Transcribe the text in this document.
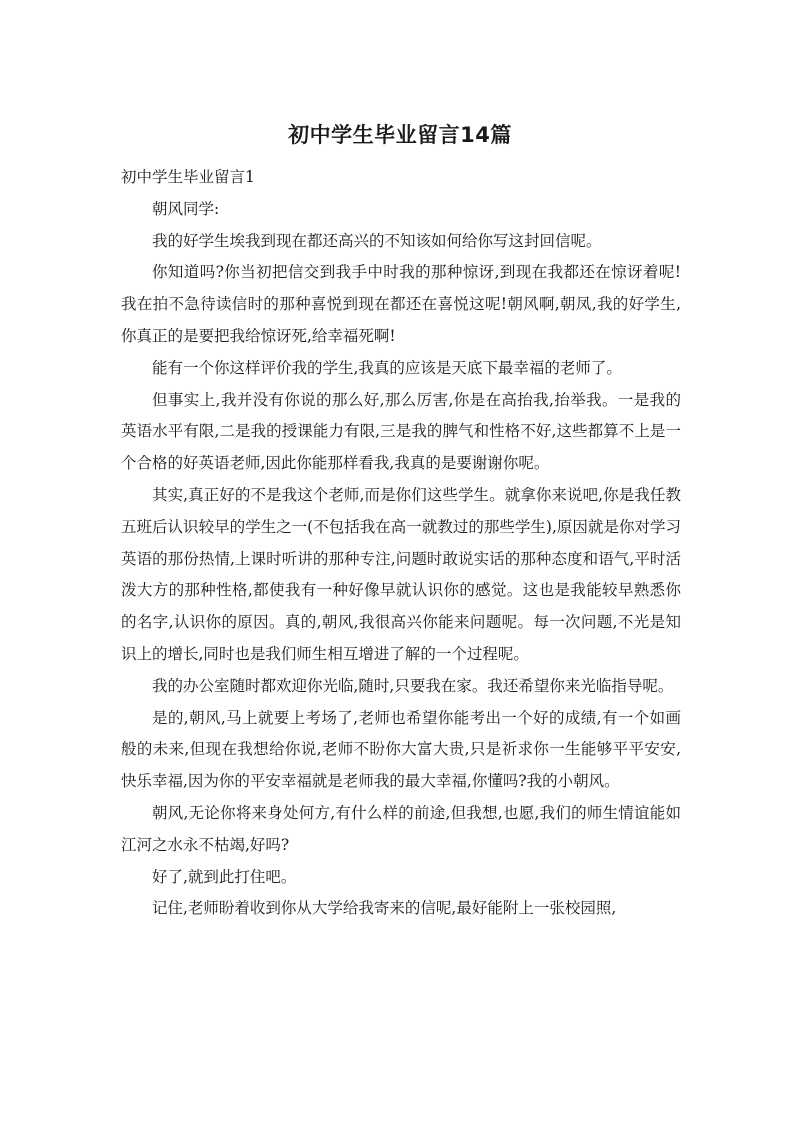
初中学生毕业留言14篇

初中学生毕业留言1

朝风同学:

我的好学生埃我到现在都还高兴的不知该如何给你写这封回信呢。

你知道吗?你当初把信交到我手中时我的那种惊讶,到现在我都还在惊讶着呢!我在拍不急待读信时的那种喜悦到现在都还在喜悦这呢!朝风啊,朝凤,我的好学生,你真正的是要把我给惊讶死,给幸福死啊!

能有一个你这样评价我的学生,我真的应该是天底下最幸福的老师了。

但事实上,我并没有你说的那么好,那么厉害,你是在高抬我,抬举我。一是我的英语水平有限,二是我的授课能力有限,三是我的脾气和性格不好,这些都算不上是一个合格的好英语老师,因此你能那样看我,我真的是要谢谢你呢。

其实,真正好的不是我这个老师,而是你们这些学生。就拿你来说吧,你是我任教五班后认识较早的学生之一(不包括我在高一就教过的那些学生),原因就是你对学习英语的那份热情,上课时听讲的那种专注,问题时敢说实话的那种态度和语气,平时活泼大方的那种性格,都使我有一种好像早就认识你的感觉。这也是我能较早熟悉你的名字,认识你的原因。真的,朝风,我很高兴你能来问题呢。每一次问题,不光是知识上的增长,同时也是我们师生相互增进了解的一个过程呢。

我的办公室随时都欢迎你光临,随时,只要我在家。我还希望你来光临指导呢。

是的,朝风,马上就要上考场了,老师也希望你能考出一个好的成绩,有一个如画般的未来,但现在我想给你说,老师不盼你大富大贵,只是祈求你一生能够平平安安,快乐幸福,因为你的平安幸福就是老师我的最大幸福,你懂吗?我的小朝风。

朝风,无论你将来身处何方,有什么样的前途,但我想,也愿,我们的师生情谊能如江河之水永不枯竭,好吗?

好了,就到此打住吧。

记住,老师盼着收到你从大学给我寄来的信呢,最好能附上一张校园照,
